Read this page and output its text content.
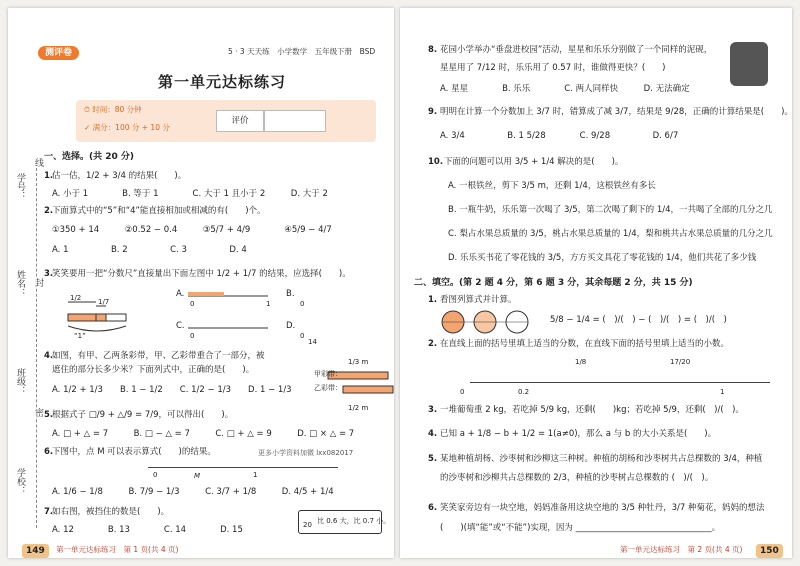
测评卷	5 · 3 天天练　小学数学　五年级下册　BSD
第一单元达标练习
⏱ 时间：80 分钟
✓ 满分：100 分 + 10 分
评价
学号：
姓名：
班级：
学校：
线
封
密
一、选择。(共 20 分)
估一估，1/2 + 3/4 的结果(　　)。
1.
A. 小于 1　　　　B. 等于 1　　　　C. 大于 1 且小于 2　　　D. 大于 2
2.
下面算式中的“5”和“4”能直接相加或相减的有(　　)个。
①350 + 14　　　②0.52 − 0.4　　　③5/7 + 4/9　　　　④5/9 − 4/7
A. 1　　　　　B. 2　　　　　C. 3　　　　　D. 4
3.
笑笑要用一把“分数尺”直接量出下面左图中 1/2 + 1/7 的结果，应选择(　　)。
1/2 1/7
“1”
A.	B.
C.	D.
0	1	0
0	0
14
4.
如图，有甲、乙两条彩带，甲、乙彩带重合了一部分，被
遮住的部分长多少米？下面列式中，正确的是(　　)。
A. 1/2 + 1/3　　B. 1 − 1/2　　C. 1/2 − 1/3　　D. 1 − 1/3
甲彩带：
乙彩带：
1/3 m
1/2 m
5.
根据式子 □/9 + △/9 = 7/9，可以得出(　　)。
A. □ + △ = 7　　　B. □ − △ = 7　　　C. □ + △ = 9　　　D. □ × △ = 7
6.
下图中，点 M 可以表示算式(　　)的结果。	更多小学资料加微 lxx082017
0	M	1
A. 1/6 − 1/8　　　B. 7/9 − 1/3　　　C. 3/7 + 1/8　　　D. 4/5 + 1/4
7.
如右图，被挡住的数是(　　)。
A. 12　　　　B. 13　　　　C. 14　　　　D. 15	20 比 0.6 大，比 0.7 小。
149	第一单元达标练习　第 1 页(共 4 页)
8. 花园小学举办“垂盘进校园”活动，星星和乐乐分别做了一个同样的泥砚，
星星用了 7/12 时，乐乐用了 0.57 时，谁做得更快？(　　)
A. 星星　　　　B. 乐乐　　　　C. 两人同样快　　　D. 无法确定
9. 明明在计算一个分数加上 3/7 时，错算成了减 3/7，结果是 9/28，正确的计算结果是(　　)。
A. 3/4　　　　　B. 1 5/28　　　　C. 9/28　　　　　D. 6/7
10. 下面的问题可以用 3/5 + 1/4 解决的是(　　)。
A. 一根铁丝，剪下 3/5 m，还剩 1/4，这根铁丝有多长
B. 一瓶牛奶，乐乐第一次喝了 3/5，第二次喝了剩下的 1/4，一共喝了全部的几分之几
C. 梨占水果总质量的 3/5，桃占水果总质量的 1/4，梨和桃共占水果总质量的几分之几
D. 乐乐买书花了零花钱的 3/5，方方买文具花了零花钱的 1/4，他们共花了多少钱
二、填空。(第 2 题 4 分，第 6 题 3 分，其余每题 2 分，共 15 分)
1. 看图列算式并计算。
5/8 − 1/4 = (　)/(　) − (　)/(　) = (　)/(　)
2. 在直线上面的括号里填上适当的分数，在直线下面的括号里填上适当的小数。
0
1/8	17/20
0.2	1
3. 一堆葡萄重 2 kg，若吃掉 5/9 kg，还剩(　　)kg；若吃掉 5/9，还剩(　)/(　)。
4. 已知 a + 1/8 − b + 1/2 = 1(a≠0)，那么 a 与 b 的大小关系是(　　)。
5. 某地种植胡杨、沙枣树和沙柳这三种树。种植的胡杨和沙枣树共占总棵数的 3/4，种植
的沙枣树和沙柳共占总棵数的 2/3，种植的沙枣树占总棵数的 (　)/(　)。
6. 笑笑家旁边有一块空地，妈妈准备用这块空地的 3/5 种牡丹，3/7 种菊花，妈妈的想法
(　　)(填“能”或“不能”)实现，因为 ________________________________。
第一单元达标练习　第 2 页(共 4 页)	150
